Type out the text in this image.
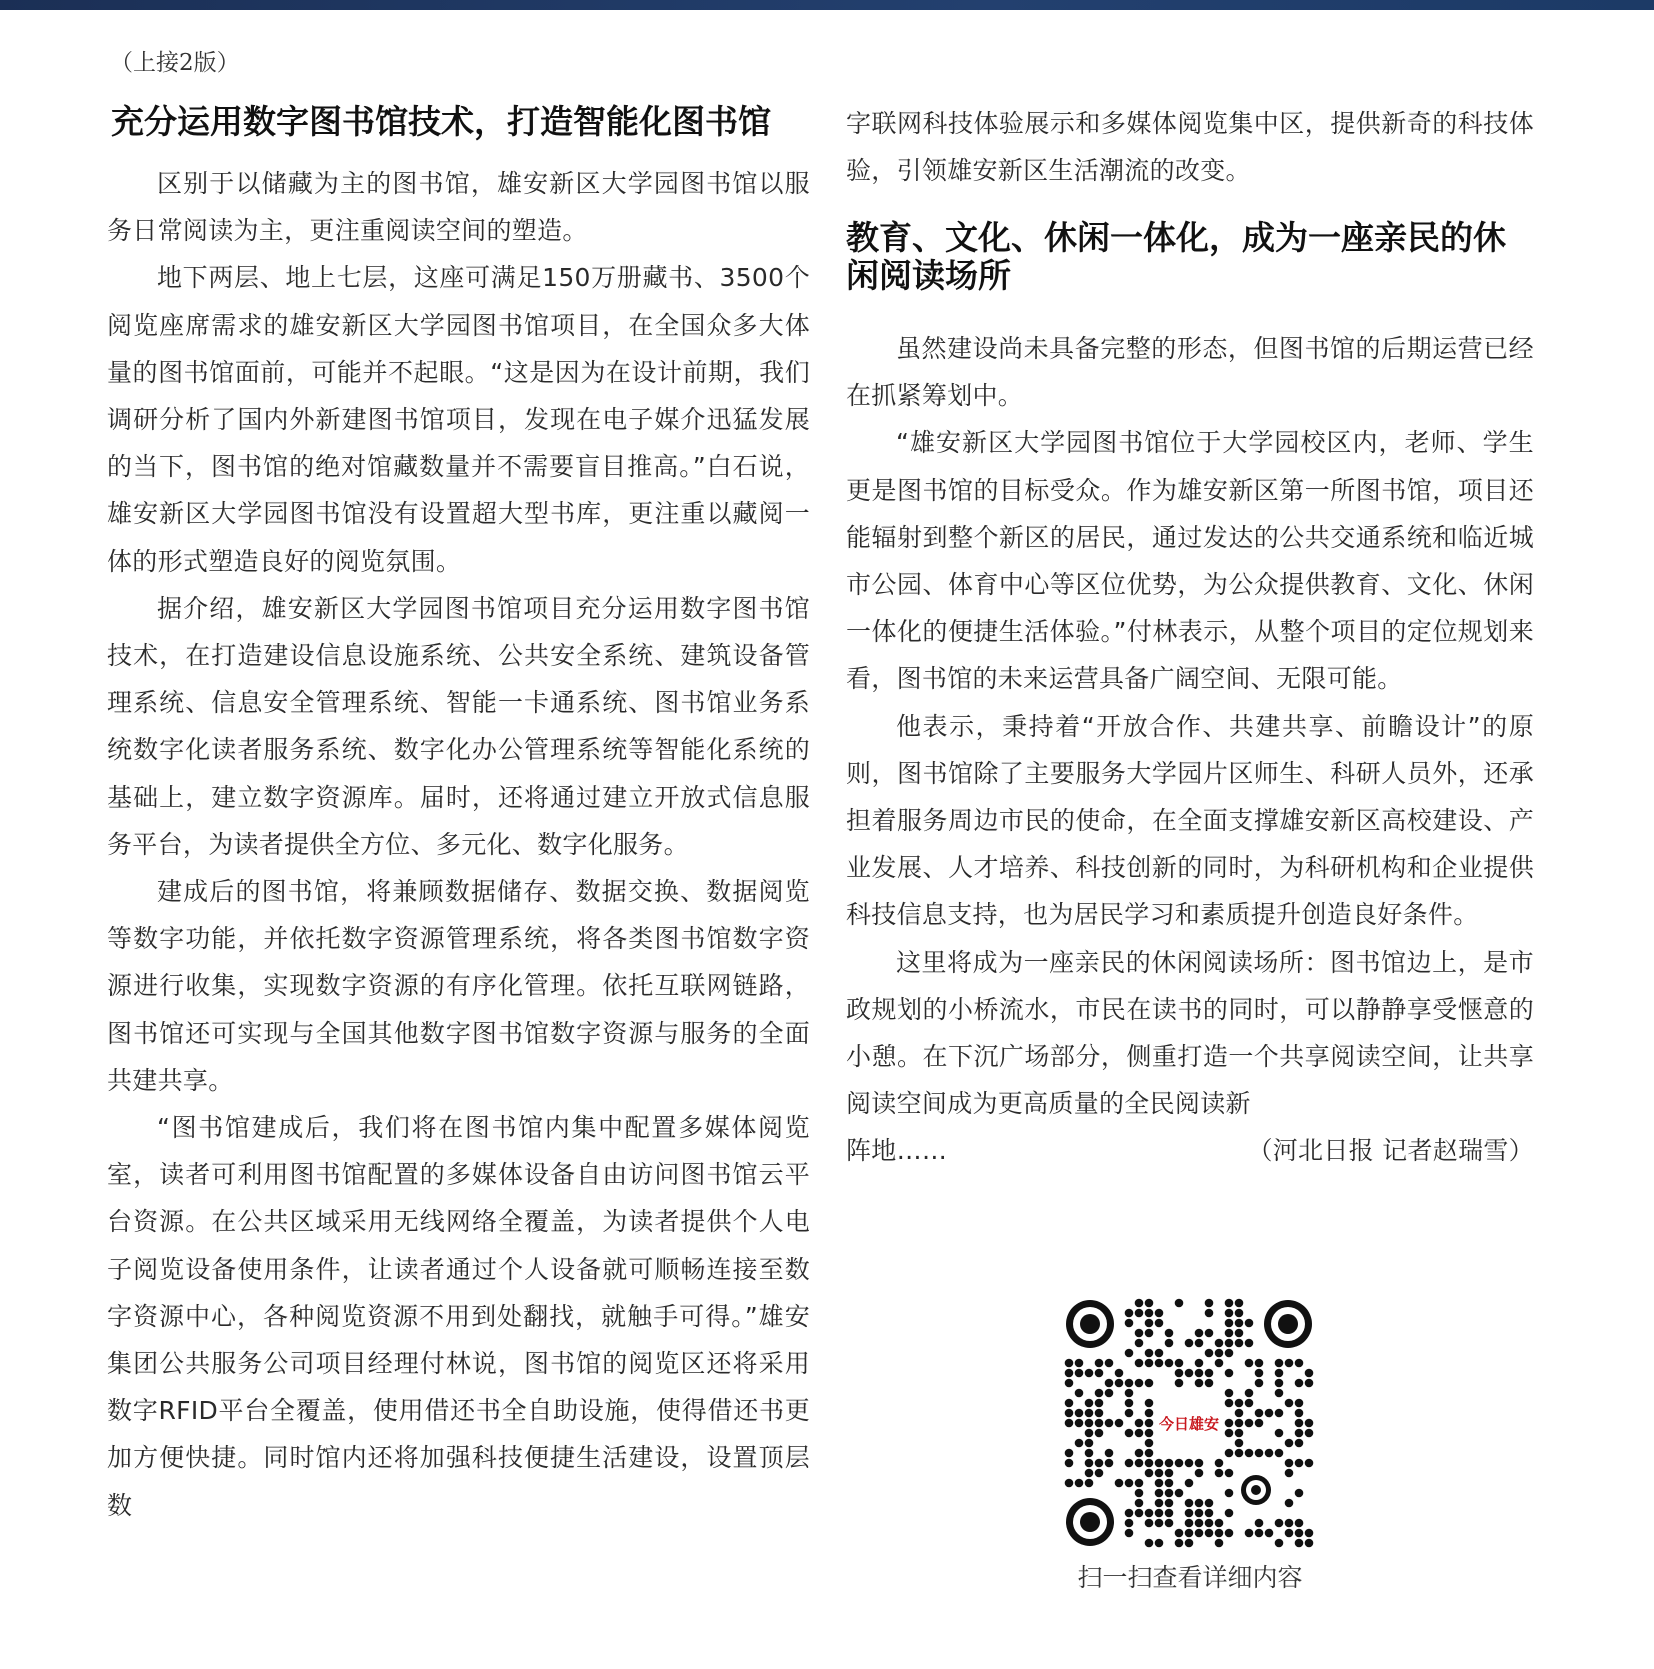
（上接2版）
充分运用数字图书馆技术，打造智能化图书馆

区别于以储藏为主的图书馆，雄安新区大学园图书馆以服务日常阅读为主，更注重阅读空间的塑造。

地下两层、地上七层，这座可满足150万册藏书、3500个阅览座席需求的雄安新区大学园图书馆项目，在全国众多大体量的图书馆面前，可能并不起眼。“这是因为在设计前期，我们调研分析了国内外新建图书馆项目，发现在电子媒介迅猛发展的当下，图书馆的绝对馆藏数量并不需要盲目推高。”白石说，雄安新区大学园图书馆没有设置超大型书库，更注重以藏阅一体的形式塑造良好的阅览氛围。

据介绍，雄安新区大学园图书馆项目充分运用数字图书馆技术，在打造建设信息设施系统、公共安全系统、建筑设备管理系统、信息安全管理系统、智能一卡通系统、图书馆业务系统数字化读者服务系统、数字化办公管理系统等智能化系统的基础上，建立数字资源库。届时，还将通过建立开放式信息服务平台，为读者提供全方位、多元化、数字化服务。

建成后的图书馆，将兼顾数据储存、数据交换、数据阅览等数字功能，并依托数字资源管理系统，将各类图书馆数字资源进行收集，实现数字资源的有序化管理。依托互联网链路，图书馆还可实现与全国其他数字图书馆数字资源与服务的全面共建共享。

“图书馆建成后，我们将在图书馆内集中配置多媒体阅览室，读者可利用图书馆配置的多媒体设备自由访问图书馆云平台资源。在公共区域采用无线网络全覆盖，为读者提供个人电子阅览设备使用条件，让读者通过个人设备就可顺畅连接至数字资源中心，各种阅览资源不用到处翻找，就触手可得。”雄安集团公共服务公司项目经理付林说，图书馆的阅览区还将采用数字RFID平台全覆盖，使用借还书全自助设施，使得借还书更加方便快捷。同时馆内还将加强科技便捷生活建设，设置顶层数

字联网科技体验展示和多媒体阅览集中区，提供新奇的科技体验，引领雄安新区生活潮流的改变。

教育、文化、休闲一体化，成为一座亲民的休闲阅读场所

虽然建设尚未具备完整的形态，但图书馆的后期运营已经在抓紧筹划中。

“雄安新区大学园图书馆位于大学园校区内，老师、学生更是图书馆的目标受众。作为雄安新区第一所图书馆，项目还能辐射到整个新区的居民，通过发达的公共交通系统和临近城市公园、体育中心等区位优势，为公众提供教育、文化、休闲一体化的便捷生活体验。”付林表示，从整个项目的定位规划来看，图书馆的未来运营具备广阔空间、无限可能。

他表示，秉持着“开放合作、共建共享、前瞻设计”的原则，图书馆除了主要服务大学园片区师生、科研人员外，还承担着服务周边市民的使命，在全面支撑雄安新区高校建设、产业发展、人才培养、科技创新的同时，为科研机构和企业提供科技信息支持，也为居民学习和素质提升创造良好条件。

这里将成为一座亲民的休闲阅读场所：图书馆边上，是市政规划的小桥流水，市民在读书的同时，可以静静享受惬意的小憩。在下沉广场部分，侧重打造一个共享阅读空间，让共享阅读空间成为更高质量的全民阅读新

阵地……	（河北日报 记者赵瑞雪）
今日雄安
扫一扫查看详细内容
